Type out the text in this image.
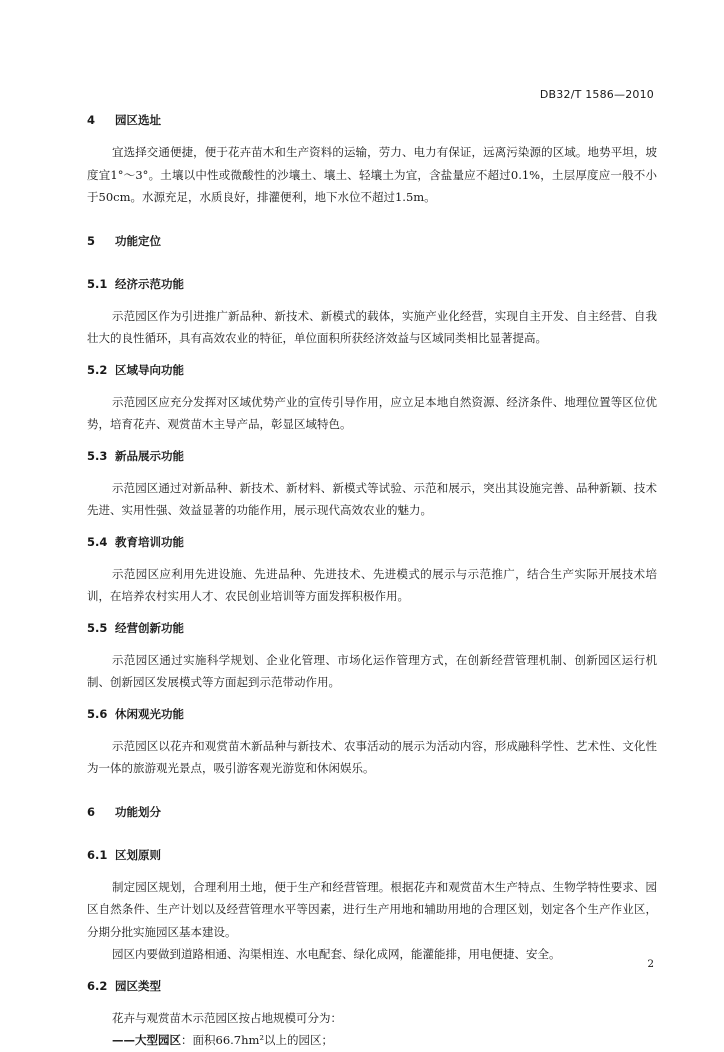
DB32/T 1586—2010
4 园区选址

宜选择交通便捷，便于花卉苗木和生产资料的运输，劳力、电力有保证，远离污染源的区域。地势平坦，坡度宜1°～3°。土壤以中性或微酸性的沙壤土、壤土、轻壤土为宜，含盐量应不超过0.1%，土层厚度应一般不小于50cm。水源充足，水质良好，排灌便利，地下水位不超过1.5m。

5 功能定位
5.1 经济示范功能

示范园区作为引进推广新品种、新技术、新模式的载体，实施产业化经营，实现自主开发、自主经营、自我壮大的良性循环，具有高效农业的特征，单位面积所获经济效益与区域同类相比显著提高。

5.2 区域导向功能

示范园区应充分发挥对区域优势产业的宣传引导作用，应立足本地自然资源、经济条件、地理位置等区位优势，培育花卉、观赏苗木主导产品，彰显区域特色。

5.3 新品展示功能

示范园区通过对新品种、新技术、新材料、新模式等试验、示范和展示，突出其设施完善、品种新颖、技术先进、实用性强、效益显著的功能作用，展示现代高效农业的魅力。

5.4 教育培训功能

示范园区应利用先进设施、先进品种、先进技术、先进模式的展示与示范推广，结合生产实际开展技术培训，在培养农村实用人才、农民创业培训等方面发挥积极作用。

5.5 经营创新功能

示范园区通过实施科学规划、企业化管理、市场化运作管理方式，在创新经营管理机制、创新园区运行机制、创新园区发展模式等方面起到示范带动作用。

5.6 休闲观光功能

示范园区以花卉和观赏苗木新品种与新技术、农事活动的展示为活动内容，形成融科学性、艺术性、文化性为一体的旅游观光景点，吸引游客观光游览和休闲娱乐。

6 功能划分
6.1 区划原则

制定园区规划，合理利用土地，便于生产和经营管理。根据花卉和观赏苗木生产特点、生物学特性要求、园区自然条件、生产计划以及经营管理水平等因素，进行生产用地和辅助用地的合理区划，划定各个生产作业区，分期分批实施园区基本建设。

园区内要做到道路相通、沟渠相连、水电配套、绿化成网，能灌能排，用电便捷、安全。

6.2 园区类型

花卉与观赏苗木示范园区按占地规模可分为：

——大型园区：面积66.7hm²以上的园区；

2
